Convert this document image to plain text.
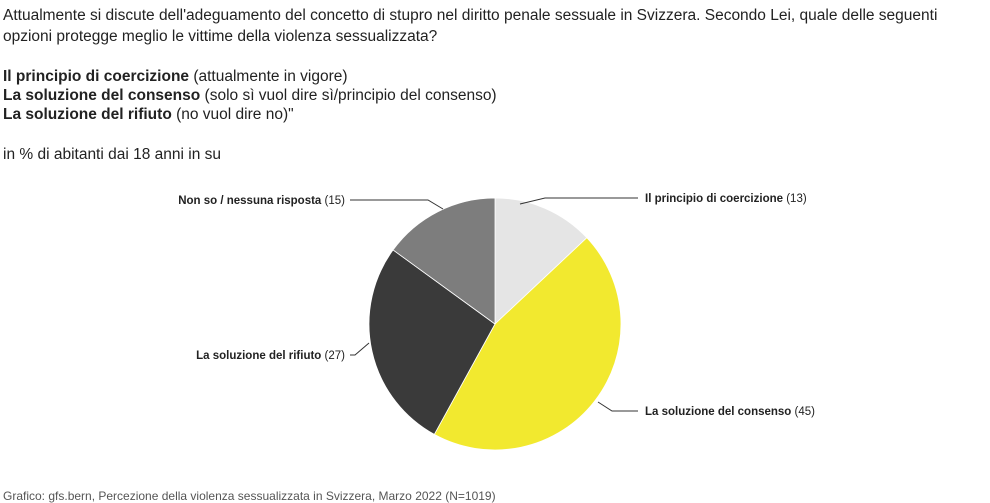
Attualmente si discute dell'adeguamento del concetto di stupro nel diritto penale sessuale in Svizzera. Secondo Lei, quale delle seguenti opzioni protegge meglio le vittime della violenza sessualizzata?
Il principio di coercizione (attualmente in vigore)
La soluzione del consenso (solo sì vuol dire sì/principio del consenso)
La soluzione del rifiuto (no vuol dire no)"
in % di abitanti dai 18 anni in su
Il principio di coercizione (13)
La soluzione del consenso (45)
La soluzione del rifiuto (27)
Non so / nessuna risposta (15)
Grafico: gfs.bern, Percezione della violenza sessualizzata in Svizzera, Marzo 2022 (N=1019)
